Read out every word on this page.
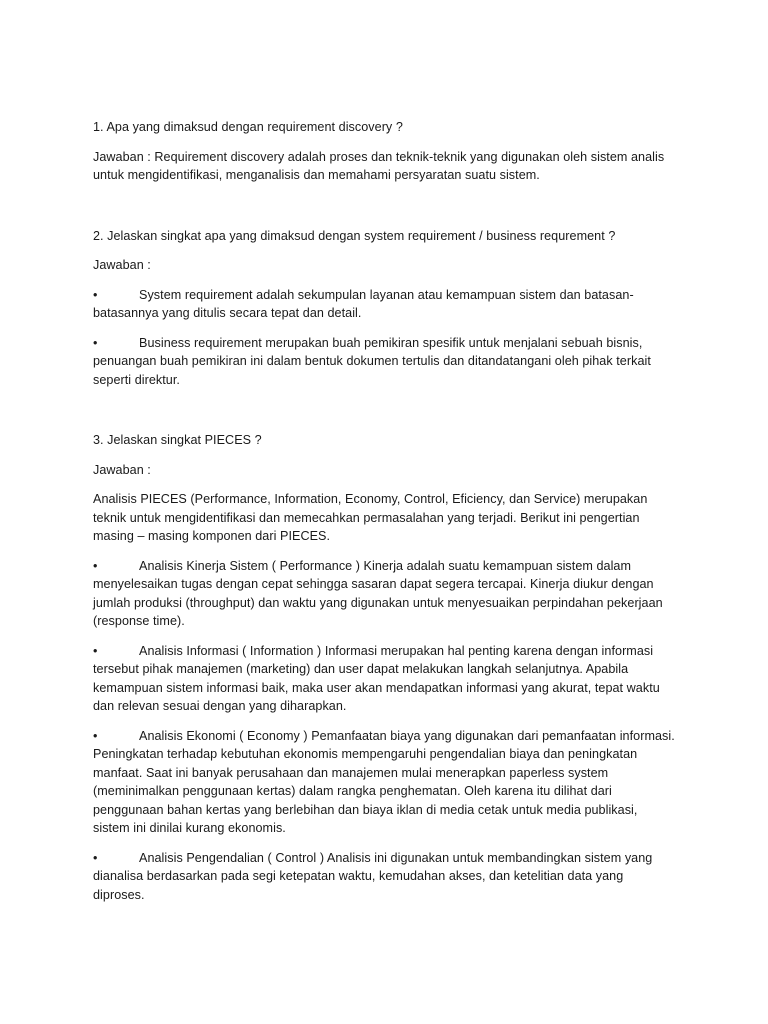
1. Apa yang dimaksud dengan requirement discovery ?

Jawaban : Requirement discovery adalah proses dan teknik-teknik yang digunakan oleh sistem analis untuk mengidentifikasi, menganalisis dan memahami persyaratan suatu sistem.

2. Jelaskan singkat apa yang dimaksud dengan system requirement / business requrement ?

Jawaban :

•	System requirement adalah sekumpulan layanan atau kemampuan sistem dan batasan-batasannya yang ditulis secara tepat dan detail.

•	Business requirement merupakan buah pemikiran spesifik untuk menjalani sebuah bisnis, penuangan buah pemikiran ini dalam bentuk dokumen tertulis dan ditandatangani oleh pihak terkait seperti direktur.

3. Jelaskan singkat PIECES ?

Jawaban :

Analisis PIECES (Performance, Information, Economy, Control, Eficiency, dan Service) merupakan teknik untuk mengidentifikasi dan memecahkan permasalahan yang terjadi. Berikut ini pengertian masing – masing komponen dari PIECES.

•	Analisis Kinerja Sistem ( Performance ) Kinerja adalah suatu kemampuan sistem dalam menyelesaikan tugas dengan cepat sehingga sasaran dapat segera tercapai. Kinerja diukur dengan jumlah produksi (throughput) dan waktu yang digunakan untuk menyesuaikan perpindahan pekerjaan (response time).

•	Analisis Informasi ( Information ) Informasi merupakan hal penting karena dengan informasi tersebut pihak manajemen (marketing) dan user dapat melakukan langkah selanjutnya. Apabila kemampuan sistem informasi baik, maka user akan mendapatkan informasi yang akurat, tepat waktu dan relevan sesuai dengan yang diharapkan.

•	Analisis Ekonomi ( Economy ) Pemanfaatan biaya yang digunakan dari pemanfaatan informasi. Peningkatan terhadap kebutuhan ekonomis mempengaruhi pengendalian biaya dan peningkatan manfaat. Saat ini banyak perusahaan dan manajemen mulai menerapkan paperless system (meminimalkan penggunaan kertas) dalam rangka penghematan. Oleh karena itu dilihat dari penggunaan bahan kertas yang berlebihan dan biaya iklan di media cetak untuk media publikasi, sistem ini dinilai kurang ekonomis.

•	Analisis Pengendalian ( Control ) Analisis ini digunakan untuk membandingkan sistem yang dianalisa berdasarkan pada segi ketepatan waktu, kemudahan akses, dan ketelitian data yang diproses.
